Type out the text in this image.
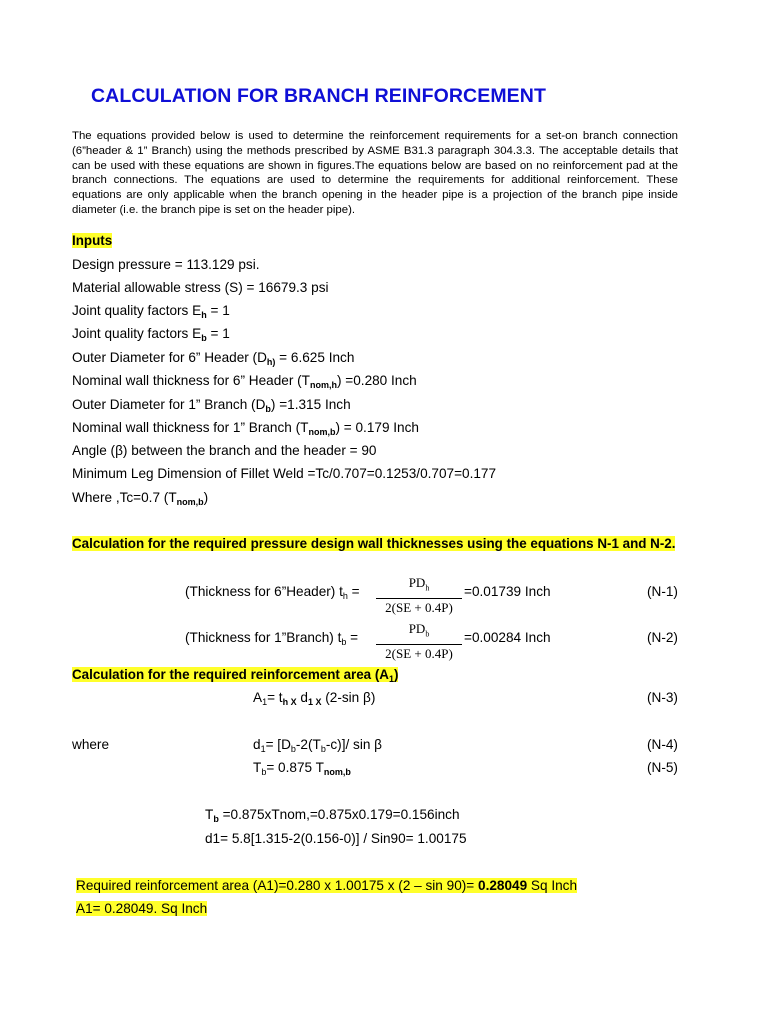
CALCULATION FOR BRANCH REINFORCEMENT
The equations provided below is used to determine the reinforcement requirements for a set-on branch connection (6”header & 1” Branch) using the methods prescribed by ASME B31.3 paragraph 304.3.3. The acceptable details that can be used with these equations are shown in figures.The equations below are based on no reinforcement pad at the branch connections. The equations are used to determine the requirements for additional reinforcement. These equations are only applicable when the branch opening in the header pipe is a projection of the branch pipe inside diameter (i.e. the branch pipe is set on the header pipe).
Inputs
Design pressure = 113.129 psi.
Material allowable stress (S) = 16679.3 psi
Joint quality factors $E_h = 1$
Joint quality factors $E_b = 1$
Outer Diameter for 6” Header ($D_{h)} = 6.625$ Inch
Nominal wall thickness for 6” Header $(T_{nom,h}) =0.280$ Inch
Outer Diameter for 1” Branch $(D_b) =1.315$ Inch
Nominal wall thickness for 1” Branch $(T_{nom,b}) = 0.179$ Inch
Angle (β) between the branch and the header = 90
Minimum Leg Dimension of Fillet Weld =Tc/0.707=0.1253/0.707=0.177
Where ,Tc=0.7 $(T_{nom,b})$
Calculation for the required pressure design wall thicknesses using the equations N-1 and N-2.
(Thickness for 6”Header) $t_h$ =
$PD_h$
2(SE + 0.4P)
=0.01739 Inch	(N-1)
(Thickness for 1”Branch) $t_b$ =
$PD_b$
2(SE + 0.4P)
=0.00284 Inch	(N-2)
Calculation for the required reinforcement area $(A_1)$
$A_1= t_{h X}$ $d_{1 X}$ (2-sin β)	(N-3)
where	$d_1= [D_b-2(T_b-c)]/$ sin β	(N-4)
$T_b= 0.875$ $T_{nom,b}$	(N-5)
$T_b$ =0.875xTnom,=0.875x0.179=0.156inch
d1= 5.8[1.315-2(0.156-0)] / Sin90= 1.00175
Required reinforcement area (A1)=0.280 x 1.00175 x (2 – sin 90)= 0.28049 Sq Inch
A1= 0.28049. Sq Inch
